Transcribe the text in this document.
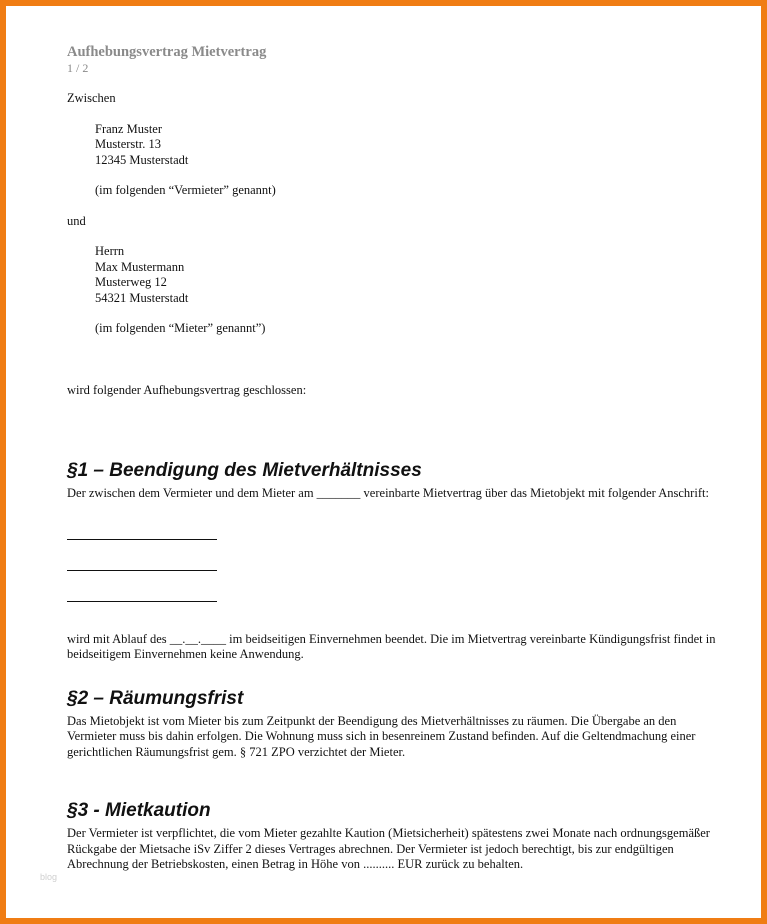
Aufhebungsvertrag Mietvertrag
1 / 2

Zwischen

Franz Muster
Musterstr. 13
12345 Musterstadt
(im folgenden “Vermieter” genannt)

und

Herrn
Max Mustermann
Musterweg 12
54321 Musterstadt
(im folgenden “Mieter” genannt”)

wird folgender Aufhebungsvertrag geschlossen:

§1 – Beendigung des Mietverhältnisses

Der zwischen dem Vermieter und dem Mieter am _______ vereinbarte Mietvertrag über das Mietobjekt mit folgender Anschrift:

wird mit Ablauf des __.__.____ im beidseitigen Einvernehmen beendet. Die im Mietvertrag vereinbarte Kündigungsfrist findet in beidseitigem Einvernehmen keine Anwendung.

§2 – Räumungsfrist

Das Mietobjekt ist vom Mieter bis zum Zeitpunkt der Beendigung des Mietverhältnisses zu räumen. Die Übergabe an den Vermieter muss bis dahin erfolgen. Die Wohnung muss sich in besenreinem Zustand befinden. Auf die Geltendmachung einer gerichtlichen Räumungsfrist gem. § 721 ZPO verzichtet der Mieter.

§3 - Mietkaution

Der Vermieter ist verpflichtet, die vom Mieter gezahlte Kaution (Mietsicherheit) spätestens zwei Monate nach ordnungsgemäßer Rückgabe der Mietsache iSv Ziffer 2 dieses Vertrages abrechnen. Der Vermieter ist jedoch berechtigt, bis zur endgültigen Abrechnung der Betriebskosten, einen Betrag in Höhe von .......... EUR zurück zu behalten.

blog
